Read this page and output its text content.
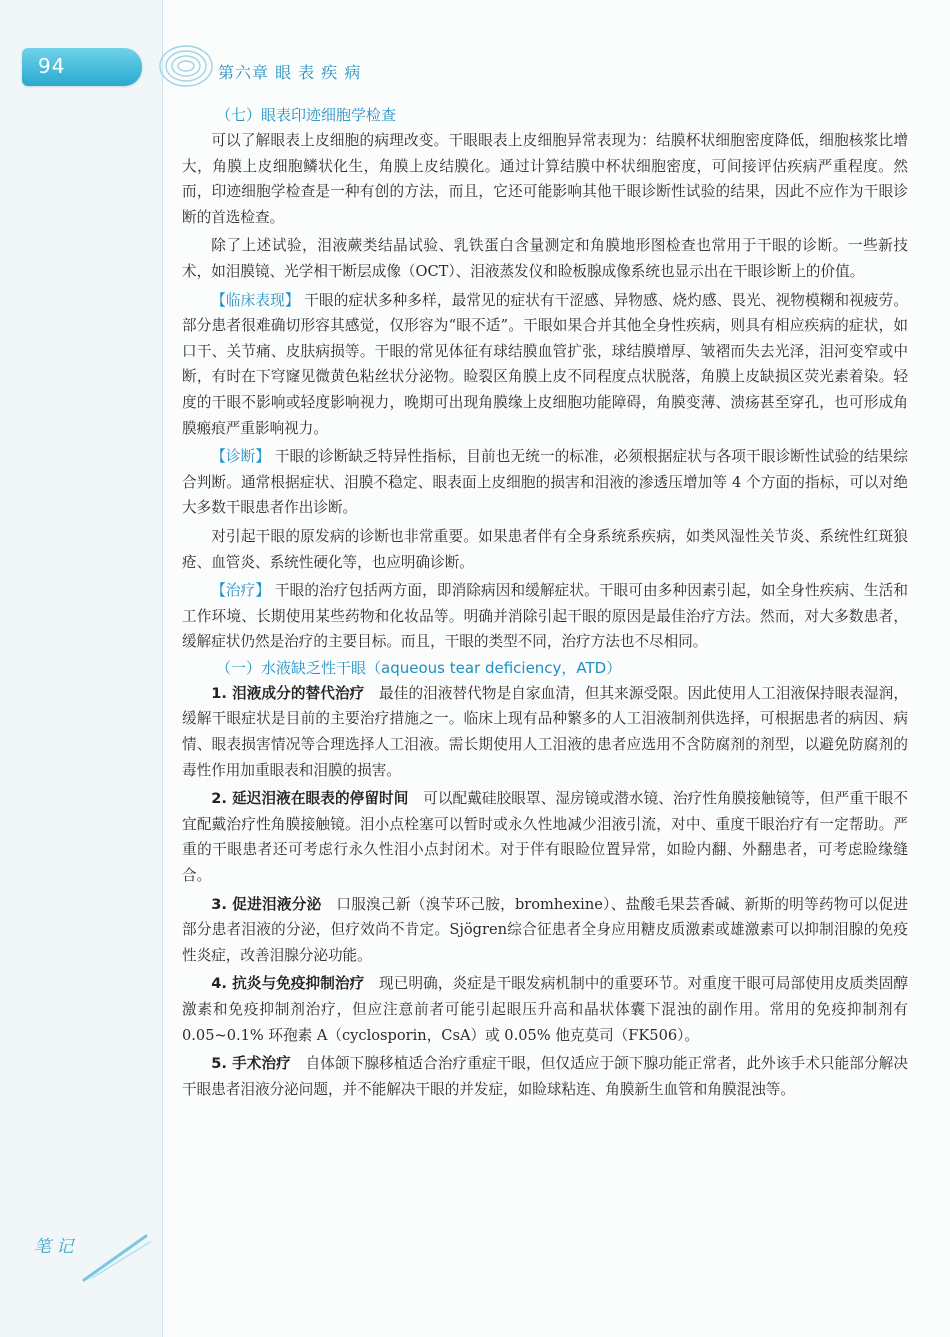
94	第六章 眼 表 疾 病
（七）眼表印迹细胞学检查

可以了解眼表上皮细胞的病理改变。干眼眼表上皮细胞异常表现为：结膜杯状细胞密度降低，细胞核浆比增大，角膜上皮细胞鳞状化生，角膜上皮结膜化。通过计算结膜中杯状细胞密度，可间接评估疾病严重程度。然而，印迹细胞学检查是一种有创的方法，而且，它还可能影响其他干眼诊断性试验的结果，因此不应作为干眼诊断的首选检查。

除了上述试验，泪液蕨类结晶试验、乳铁蛋白含量测定和角膜地形图检查也常用于干眼的诊断。一些新技术，如泪膜镜、光学相干断层成像（OCT）、泪液蒸发仪和睑板腺成像系统也显示出在干眼诊断上的价值。

【临床表现】 干眼的症状多种多样，最常见的症状有干涩感、异物感、烧灼感、畏光、视物模糊和视疲劳。部分患者很难确切形容其感觉，仅形容为“眼不适”。干眼如果合并其他全身性疾病，则具有相应疾病的症状，如口干、关节痛、皮肤病损等。干眼的常见体征有球结膜血管扩张，球结膜增厚、皱褶而失去光泽，泪河变窄或中断，有时在下穹窿见微黄色粘丝状分泌物。睑裂区角膜上皮不同程度点状脱落，角膜上皮缺损区荧光素着染。轻度的干眼不影响或轻度影响视力，晚期可出现角膜缘上皮细胞功能障碍，角膜变薄、溃疡甚至穿孔，也可形成角膜瘢痕严重影响视力。

【诊断】 干眼的诊断缺乏特异性指标，目前也无统一的标准，必须根据症状与各项干眼诊断性试验的结果综合判断。通常根据症状、泪膜不稳定、眼表面上皮细胞的损害和泪液的渗透压增加等 4 个方面的指标，可以对绝大多数干眼患者作出诊断。

对引起干眼的原发病的诊断也非常重要。如果患者伴有全身系统系疾病，如类风湿性关节炎、系统性红斑狼疮、血管炎、系统性硬化等，也应明确诊断。

【治疗】 干眼的治疗包括两方面，即消除病因和缓解症状。干眼可由多种因素引起，如全身性疾病、生活和工作环境、长期使用某些药物和化妆品等。明确并消除引起干眼的原因是最佳治疗方法。然而，对大多数患者，缓解症状仍然是治疗的主要目标。而且，干眼的类型不同，治疗方法也不尽相同。

（一）水液缺乏性干眼（aqueous tear deficiency，ATD）

1. 泪液成分的替代治疗　 最佳的泪液替代物是自家血清，但其来源受限。因此使用人工泪液保持眼表湿润，缓解干眼症状是目前的主要治疗措施之一。临床上现有品种繁多的人工泪液制剂供选择，可根据患者的病因、病情、眼表损害情况等合理选择人工泪液。需长期使用人工泪液的患者应选用不含防腐剂的剂型，以避免防腐剂的毒性作用加重眼表和泪膜的损害。

2. 延迟泪液在眼表的停留时间　 可以配戴硅胶眼罩、湿房镜或潜水镜、治疗性角膜接触镜等，但严重干眼不宜配戴治疗性角膜接触镜。泪小点栓塞可以暂时或永久性地减少泪液引流，对中、重度干眼治疗有一定帮助。严重的干眼患者还可考虑行永久性泪小点封闭术。对于伴有眼睑位置异常，如睑内翻、外翻患者，可考虑睑缘缝合。

3. 促进泪液分泌　 口服溴己新（溴苄环己胺，bromhexine）、盐酸毛果芸香碱、新斯的明等药物可以促进部分患者泪液的分泌，但疗效尚不肯定。Sjögren综合征患者全身应用糖皮质激素或雄激素可以抑制泪腺的免疫性炎症，改善泪腺分泌功能。

4. 抗炎与免疫抑制治疗　 现已明确，炎症是干眼发病机制中的重要环节。对重度干眼可局部使用皮质类固醇激素和免疫抑制剂治疗，但应注意前者可能引起眼压升高和晶状体囊下混浊的副作用。常用的免疫抑制剂有 0.05~0.1% 环孢素 A（cyclosporin，CsA）或 0.05% 他克莫司（FK506）。

5. 手术治疗　 自体颌下腺移植适合治疗重症干眼，但仅适应于颌下腺功能正常者，此外该手术只能部分解决干眼患者泪液分泌问题，并不能解决干眼的并发症，如睑球粘连、角膜新生血管和角膜混浊等。

笔 记
